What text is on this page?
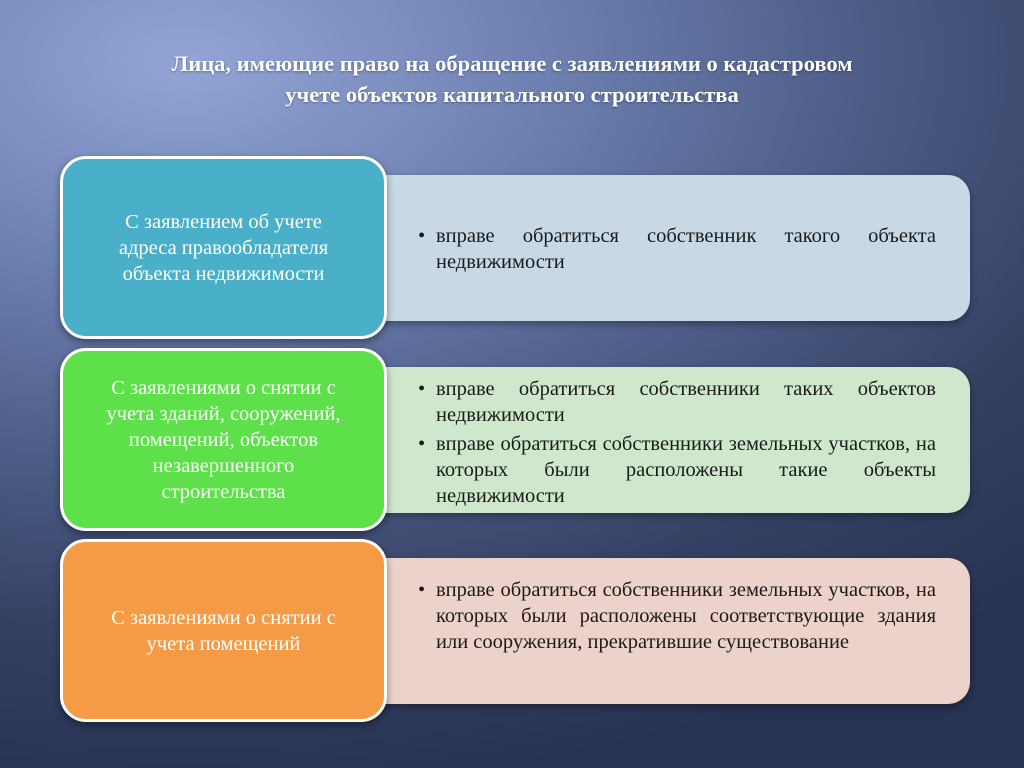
Лица, имеющие право на обращение с заявлениями о кадастровом
учете объектов капитального строительства
• вправе обратиться собственник такого объекта недвижимости
С заявлением об учете
адреса правообладателя
объекта недвижимости
• вправе обратиться собственники таких объектов недвижимости
• вправе обратиться собственники земельных участков, на которых были расположены такие объекты недвижимости
С заявлениями о снятии с
учета зданий, сооружений,
помещений, объектов
незавершенного
строительства
• вправе обратиться собственники земельных участков, на которых были расположены соответствующие здания или сооружения, прекратившие существование
С заявлениями о снятии с
учета помещений
